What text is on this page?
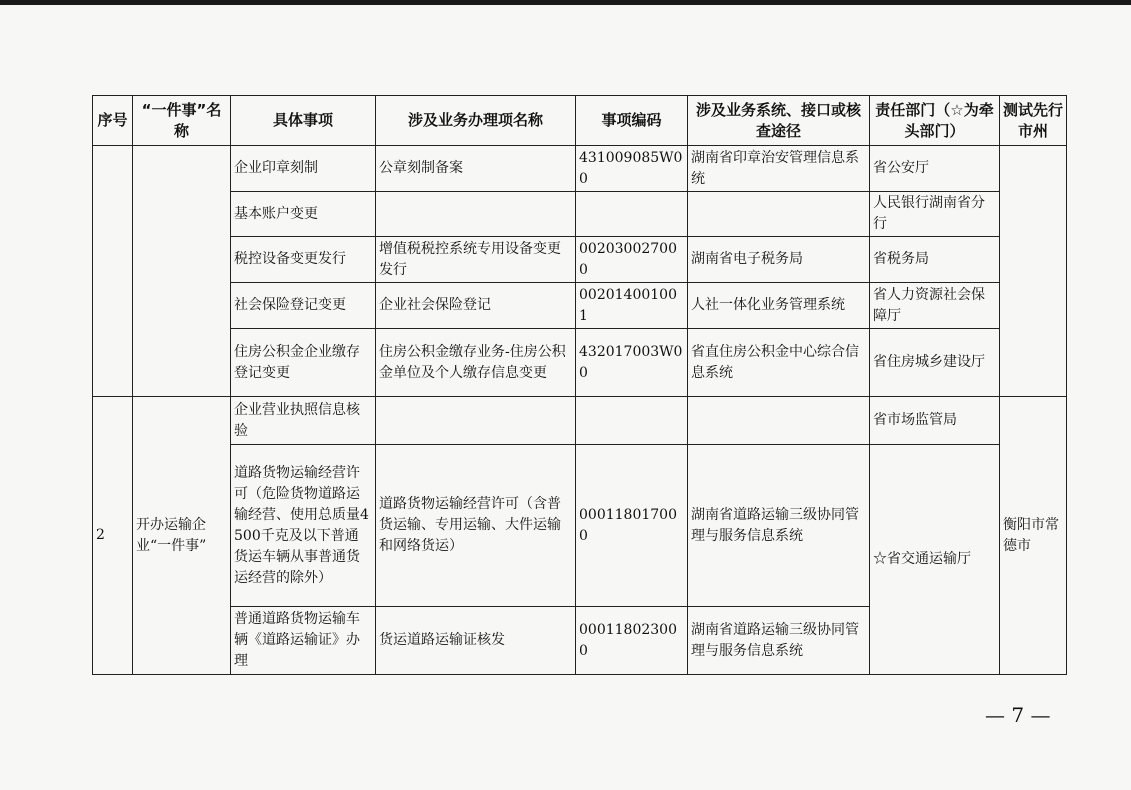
序号	“一件事”名称	具体事项	涉及业务办理项名称	事项编码	涉及业务系统、接口或核查途径	责任部门（☆为牵头部门）	测试先行市州
		企业印章刻制	公章刻制备案	431009085W00	湖南省印章治安管理信息系统	省公安厅	
		基本账户变更				人民银行湖南省分行	
		税控设备变更发行	增值税税控系统专用设备变更发行	002030027000	湖南省电子税务局	省税务局	
		社会保险登记变更	企业社会保险登记	002014001001	人社一体化业务管理系统	省人力资源社会保障厅	
		住房公积金企业缴存登记变更	住房公积金缴存业务-住房公积金单位及个人缴存信息变更	432017003W00	省直住房公积金中心综合信息系统	省住房城乡建设厅	
2	开办运输企业“一件事”	企业营业执照信息核验				省市场监管局	衡阳市常德市
		道路货物运输经营许可（危险货物道路运输经营、使用总质量4500千克及以下普通货运车辆从事普通货运经营的除外）	道路货物运输经营许可（含普货运输、专用运输、大件运输和网络货运）	000118017000	湖南省道路运输三级协同管理与服务信息系统	☆省交通运输厅	
		普通道路货物运输车辆《道路运输证》办理	货运道路运输证核发	000118023000	湖南省道路运输三级协同管理与服务信息系统		
— 7 —
